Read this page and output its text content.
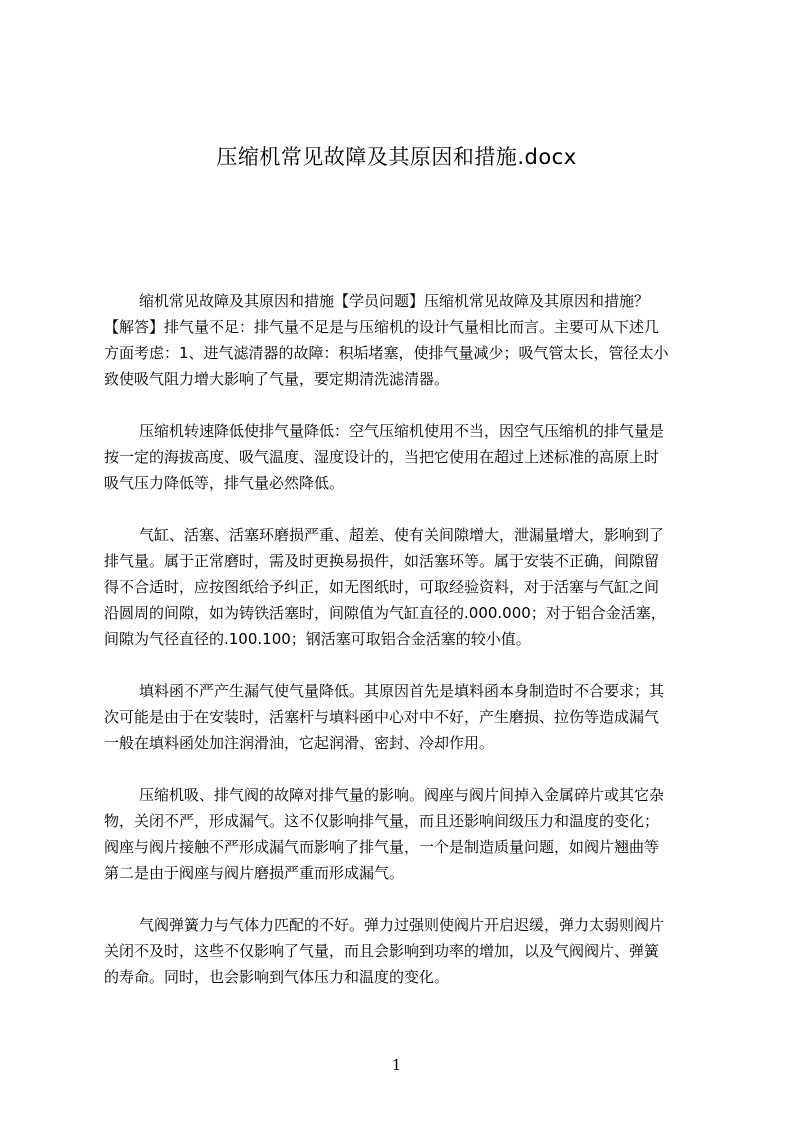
压缩机常见故障及其原因和措施.docx
缩机常见故障及其原因和措施【学员问题】压缩机常见故障及其原因和措施？
【解答】排气量不足：排气量不足是与压缩机的设计气量相比而言。主要可从下述几
方面考虑：1、进气滤清器的故障：积垢堵塞，使排气量减少；吸气管太长，管径太小
致使吸气阻力增大影响了气量，要定期清洗滤清器。
压缩机转速降低使排气量降低：空气压缩机使用不当，因空气压缩机的排气量是
按一定的海拔高度、吸气温度、湿度设计的，当把它使用在超过上述标准的高原上时
吸气压力降低等，排气量必然降低。
气缸、活塞、活塞环磨损严重、超差、使有关间隙增大，泄漏量增大，影响到了
排气量。属于正常磨时，需及时更换易损件，如活塞环等。属于安装不正确，间隙留
得不合适时，应按图纸给予纠正，如无图纸时，可取经验资料，对于活塞与气缸之间
沿圆周的间隙，如为铸铁活塞时，间隙值为气缸直径的.000.000；对于铝合金活塞，
间隙为气径直径的.100.100；钢活塞可取铝合金活塞的较小值。
填料函不严产生漏气使气量降低。其原因首先是填料函本身制造时不合要求；其
次可能是由于在安装时，活塞杆与填料函中心对中不好，产生磨损、拉伤等造成漏气
一般在填料函处加注润滑油，它起润滑、密封、冷却作用。
压缩机吸、排气阀的故障对排气量的影响。阀座与阀片间掉入金属碎片或其它杂
物，关闭不严，形成漏气。这不仅影响排气量，而且还影响间级压力和温度的变化；
阀座与阀片接触不严形成漏气而影响了排气量，一个是制造质量问题，如阀片翘曲等
第二是由于阀座与阀片磨损严重而形成漏气。
气阀弹簧力与气体力匹配的不好。弹力过强则使阀片开启迟缓，弹力太弱则阀片
关闭不及时，这些不仅影响了气量，而且会影响到功率的增加，以及气阀阀片、弹簧
的寿命。同时，也会影响到气体压力和温度的变化。
1
